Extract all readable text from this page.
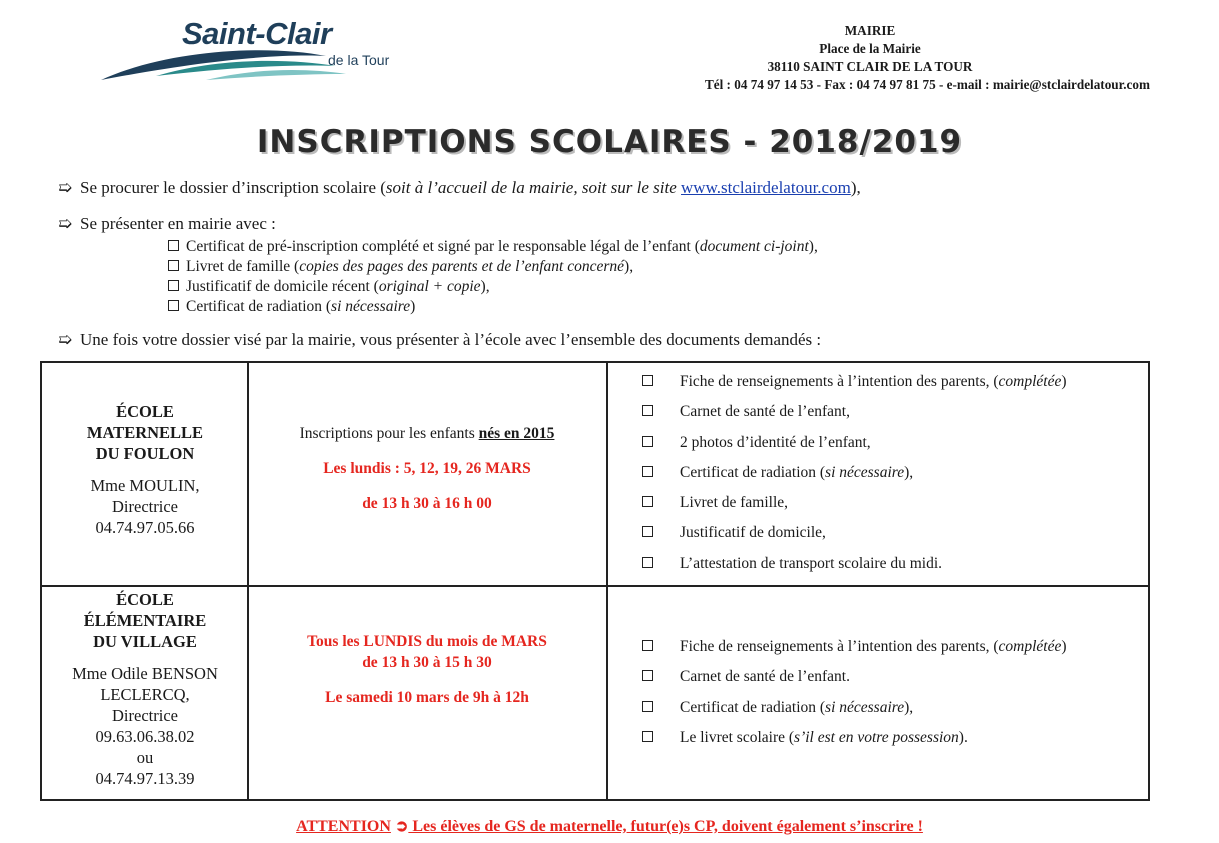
Saint-Clair
de la Tour
MAIRIE
Place de la Mairie
38110 SAINT CLAIR DE LA TOUR
Tél : 04 74 97 14 53 - Fax : 04 74 97 81 75 - e-mail : mairie@stclairdelatour.com
INSCRIPTIONS SCOLAIRES - 2018/2019
➯ Se procurer le dossier d’inscription scolaire (soit à l’accueil de la mairie, soit sur le site www.stclairdelatour.com),
➯ Se présenter en mairie avec :
Certificat de pré-inscription complété et signé par le responsable légal de l’enfant (document ci-joint),
Livret de famille (copies des pages des parents et de l’enfant concerné),
Justificatif de domicile récent (original + copie),
Certificat de radiation (si nécessaire)
➯ Une fois votre dossier visé par la mairie, vous présenter à l’école avec l’ensemble des documents demandés :
ÉCOLE
MATERNELLE
DU FOULON
Mme MOULIN,
Directrice
04.74.97.05.66
Inscriptions pour les enfants nés en 2015
Les lundis : 5, 12, 19, 26 MARS
de 13 h 30 à 16 h 00
Fiche de renseignements à l’intention des parents, (complétée)
Carnet de santé de l’enfant,
2 photos d’identité de l’enfant,
Certificat de radiation (si nécessaire),
Livret de famille,
Justificatif de domicile,
L’attestation de transport scolaire du midi.
ÉCOLE
ÉLÉMENTAIRE
DU VILLAGE
Mme Odile BENSON
LECLERCQ,
Directrice
09.63.06.38.02
ou
04.74.97.13.39
Tous les LUNDIS du mois de MARS
de 13 h 30 à 15 h 30
Le samedi 10 mars de 9h à 12h
Fiche de renseignements à l’intention des parents, (complétée)
Carnet de santé de l’enfant.
Certificat de radiation (si nécessaire),
Le livret scolaire (s’il est en votre possession).
ATTENTION ➲ Les élèves de GS de maternelle, futur(e)s CP, doivent également s’inscrire !
